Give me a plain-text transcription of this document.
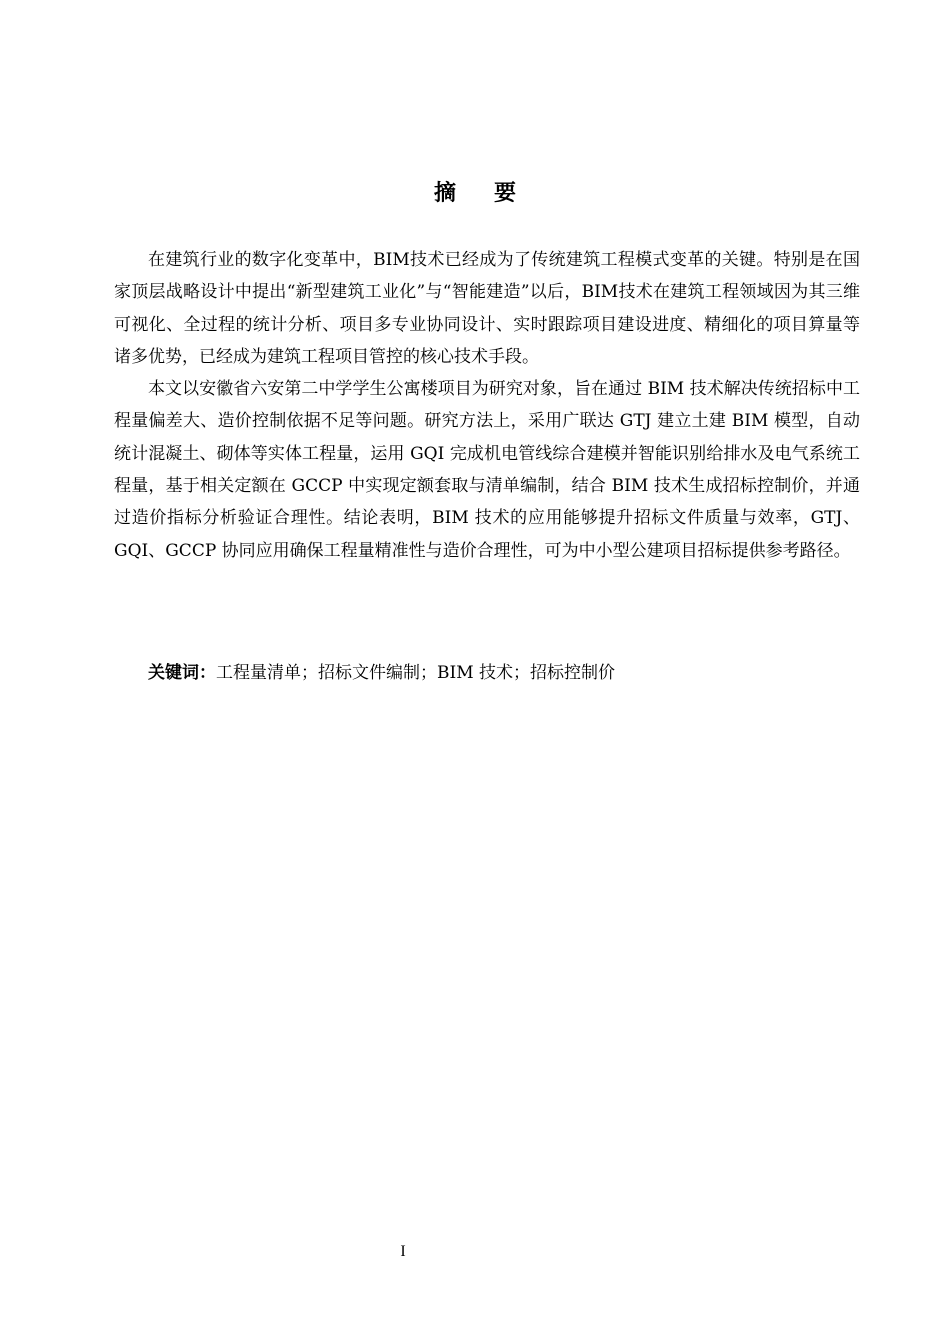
摘要

在建筑行业的数字化变革中，BIM技术已经成为了传统建筑工程模式变革的关键。特别是在国家顶层战略设计中提出“新型建筑工业化”与“智能建造”以后，BIM技术在建筑工程领域因为其三维可视化、全过程的统计分析、项目多专业协同设计、实时跟踪项目建设进度、精细化的项目算量等诸多优势，已经成为建筑工程项目管控的核心技术手段。

本文以安徽省六安第二中学学生公寓楼项目为研究对象，旨在通过 BIM 技术解决传统招标中工程量偏差大、造价控制依据不足等问题。研究方法上，采用广联达 GTJ 建立土建 BIM 模型，自动统计混凝土、砌体等实体工程量，运用 GQI 完成机电管线综合建模并智能识别给排水及电气系统工程量，基于相关定额在 GCCP 中实现定额套取与清单编制，结合 BIM 技术生成招标控制价，并通过造价指标分析验证合理性。结论表明，BIM 技术的应用能够提升招标文件质量与效率，GTJ、GQI、GCCP 协同应用确保工程量精准性与造价合理性，可为中小型公建项目招标提供参考路径。

关键词：工程量清单；招标文件编制；BIM 技术；招标控制价
I
